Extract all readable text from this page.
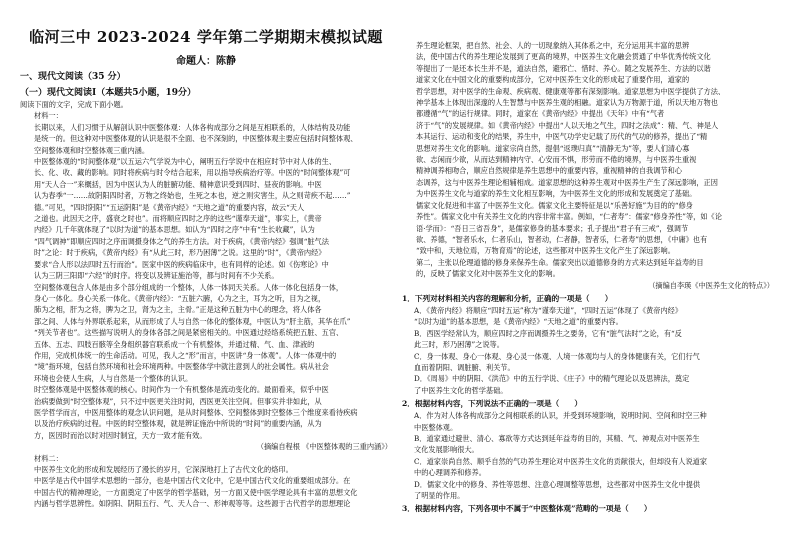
临河三中 2023-2024 学年第二学期期末模拟试题
命题人：陈静
一、现代文阅读（35 分）
（一）现代文阅读Ⅰ（本题共5小题，19分）

阅读下面的文字，完成下面小题。

材料一：

长期以来，人们习惯于从解剖认识中医整体观：人体各构成部分之间是互相联系的，人体结构及功能

是统一的。但这种对中医整体观的认识是很不全面、也不深刻的，中医整体观主要应包括时间整体观、

空间整体观和时空整体观三重内涵。

中医整体观的“时间整体观”以五运六气学说为中心，阐明五行学说中在相应时节中对人体的生、

长、化、收、藏的影响。同时将疾病与时令结合起来，用以指导疾病治疗等。中医的“时间整体观”可

用“天人合一”来概括，因为中医认为人的脏腑功能、精神意识受到四时、昼夜的影响。中医

认为春季“一……故阴阳四时者，万物之终始也，生死之本也，逆之则灾害生，从之则苛疾不起……”

德。”可见，“四时阴阳”“五运阴阳”是《黄帝内经》“天地之道”的重要内容，故云“天人

之道也。此因天之序，盛衰之时也”。而将顺应四时之序的这些“谨奉天道”，事实上，《黄帝

内经》几千年就体现了“以时为道”的基本思想。如认为“四时之序”中有“生长收藏”，认为

“四气调神”即顺应四时之序而调摄身体之气的养生方法。对于疾病，《黄帝内经》强调“脏气法

时”之论：时于疾病，《黄帝内经》有“从此三时，形乃困薄”之说。这里的“时”，《黄帝内经》

要求“合人形以法四时五行而治”。医家中医的疾病临床中，也有同样的论述。如《伤寒论》中

认为三阴三阳即“六经”的时序。将变以及辨证施治等，都与时间有不少关系。

空间整体观包含人体是由多个部分组成的一个整体，人体一体同天关系。人体一体化包括身一体，

身心一体化。身心关系一体化。《黄帝内经》：“五脏六腑，心为之主，耳为之听，目为之视，

肺为之相，肝为之将，脾为之卫，肾为之主，主骨。”正是这种五脏为中心的理念，将人体各

部之间、人体与外界联系起来，从而形成了人与自然一体化的整体观，中医认为“肝主筋，其华在爪”

“列关节者也”。这些描写说明人的身体各部之间是紧密相关的。中医通过经络系统把五脏、五官、

五体、五志、四肢百骸等全身组织器官联系成一个有机整体，并通过精、气、血、津液的

作用，完成机体统一的生命活动。可见，我人之“形”而言，中医讲“身一体观”。人体一体观中的

“境”指环境，包括自然环境和社会环境两种。中医整体学中就注意到人的社会属性。病从社会

环境也会使人生病，人与自然是一个整体的认识。

时空整体观是中医整体观的核心。时间作为一个有机整体是流动变化的。最面看来，似乎中医

治病要做到“时空整体观”，只不过中医更关注时间，西医更关注空间。但事实并非如此，从

医学哲学而言，中医用整体的观念认识问题，是从时间整体、空间整体到时空整体三个维度来看待疾病

以及治疗疾病的过程。中医的时空整体观，就是辨证施治中所说的“时间”的重要内涵，从为

方，医因时而治以时对因时制宜，天方一致才能有效。

（摘编自程根 《中医整体观的三重内涵》）

材料二：

中医养生文化的形成和发展经历了漫长的岁月，它深深地打上了古代文化的烙印。

中医学是古代中国学术思想的一部分，也是中国古代文化中，它是中国古代文化的重要组成部分。在

中国古代的精神理论，一方面奠定了中医学的哲学基础，另一方面又使中医学理论具有丰富的思想文化

内涵与哲学思辨性。如阴阳、阴阳五行、气、天人合一、形神观等等。这些源于古代哲学的思想理论

养生理论框架，把自然、社会、人的一切现象纳入其体系之中，充分运用其丰富的思辨

法，使中国古代的养生理论发展到了更高的境界，中医养生文化融会贯通了中华优秀传统文化

等提出了一是还本长生并不是，道法自然，避邪亡、惜时、养心。随之发展养生、方法的以谐

道家文化在中国文化的重要构成部分，它对中医养生文化的形成起了重要作用，道家的

哲学思想，对中医学的生命观、疾病观、健康观等都有深刻影响。道家思想为中医学提供了方法、

神学基本上体现出深邃的人生智慧与中医养生观的相融。道家认为万物源于道，所以天地万物也

都遵循“气”的运行规律。同时，道家在《黄帝内经》中提出《天年》中有“气者

济于“气”的发展规律。如《黄帝内经》中提出“人以天地之气生，四时之法成”：精、气、神是人

本其运行、运动和变化的结果，养生中，中医气功学史记载了历代的气功的修养，提出了“精

思想对养生文化的影响。道家宗尚自然，提倡“返璞归真”“清静无为”等，要人们清心寡

欲、志闲而少欲，从而达到精神内守、心安而不惧，形劳而不倦的境界，与中医养生重视

精神调养相吻合，顺应自然规律是养生思想中的重要内容，重视精神的自我调节和心

态调养，这与中医养生理论相辅相成。道家思想的这种养生观对中医养生产生了深远影响，正因

为中医养生文化与道家的养生文化相互影响，为中医养生文化的形成和发展奠定了基础。

儒家文化促进和丰富了中医养生文化。儒家文化主要特征是以“乐善好施”为目的的“修身

养性”。儒家文化中有关养生文化的内容非常丰富。例如，“仁者寿”：儒家“修身养性”等，如《论

语·学而》：“吾日三省吾身”，是儒家修身的基本要求；孔子提出“君子有三戒”，强调节

欲、养德，“智者乐水，仁者乐山，智者动，仁者静，智者乐，仁者寿”的思想，《中庸》也有

“致中和，天地位焉，万物育焉”的论述，这些都对中医养生文化产生了深远影响。

第二，主张以伦理道德的修身来保养生命。儒家突出以道德修身的方式来达到延年益寿的目

的，反映了儒家文化对中医养生文化的影响。

（摘编自李瑛《中医养生文化的特点》）

1．下列对材料相关内容的理解和分析，正确的一项是（　　）

A．《黄帝内经》将顺应“四时五运”称为“谨奉天道”，“四时五运”体现了《黄帝内经》

“以时为道”的基本思想，是《黄帝内经》“天地之道”的重要内容。

B．西医学经常认为，顺应四时之序而调摄养生之要务，它有“脏气法时”之论，有“反

此三时，形乃困薄”之说等。

C．身一体观、身心一体观、身心灵一体观、人境一体观均与人的身体健康有关，它们行气

血而着阴阳、调脏腑、利关节。

D．《周易》中的阴阳、《洪范》中的五行学说、《庄子》中的精气理论以及思辨法，奠定

了中医养生文化的哲学基础。

2．根据材料内容，下列说法不正确的一项是（　　）

A．作为对人体各构成部分之间相联系的认识，并受到环境影响，说明时间、空间和时空三种

中医整体观。

B．道家通过避世、清心、寡欲等方式达到延年益寿的目的，其精、气、神观点对中医养生

文化发展影响很大。

C．道家崇尚自然、顺乎自然的气功养生理论对中医养生文化的贡献很大，但却没有人说道家

中的心理调养和修养。

D．儒家文化中的修身、养性等思想、注意心理调整等思想，这些都对中医养生文化中提供

了明显的作用。

3．根据材料内容，下列各项中不属于“中医整体观”范畴的一项是（　　）
